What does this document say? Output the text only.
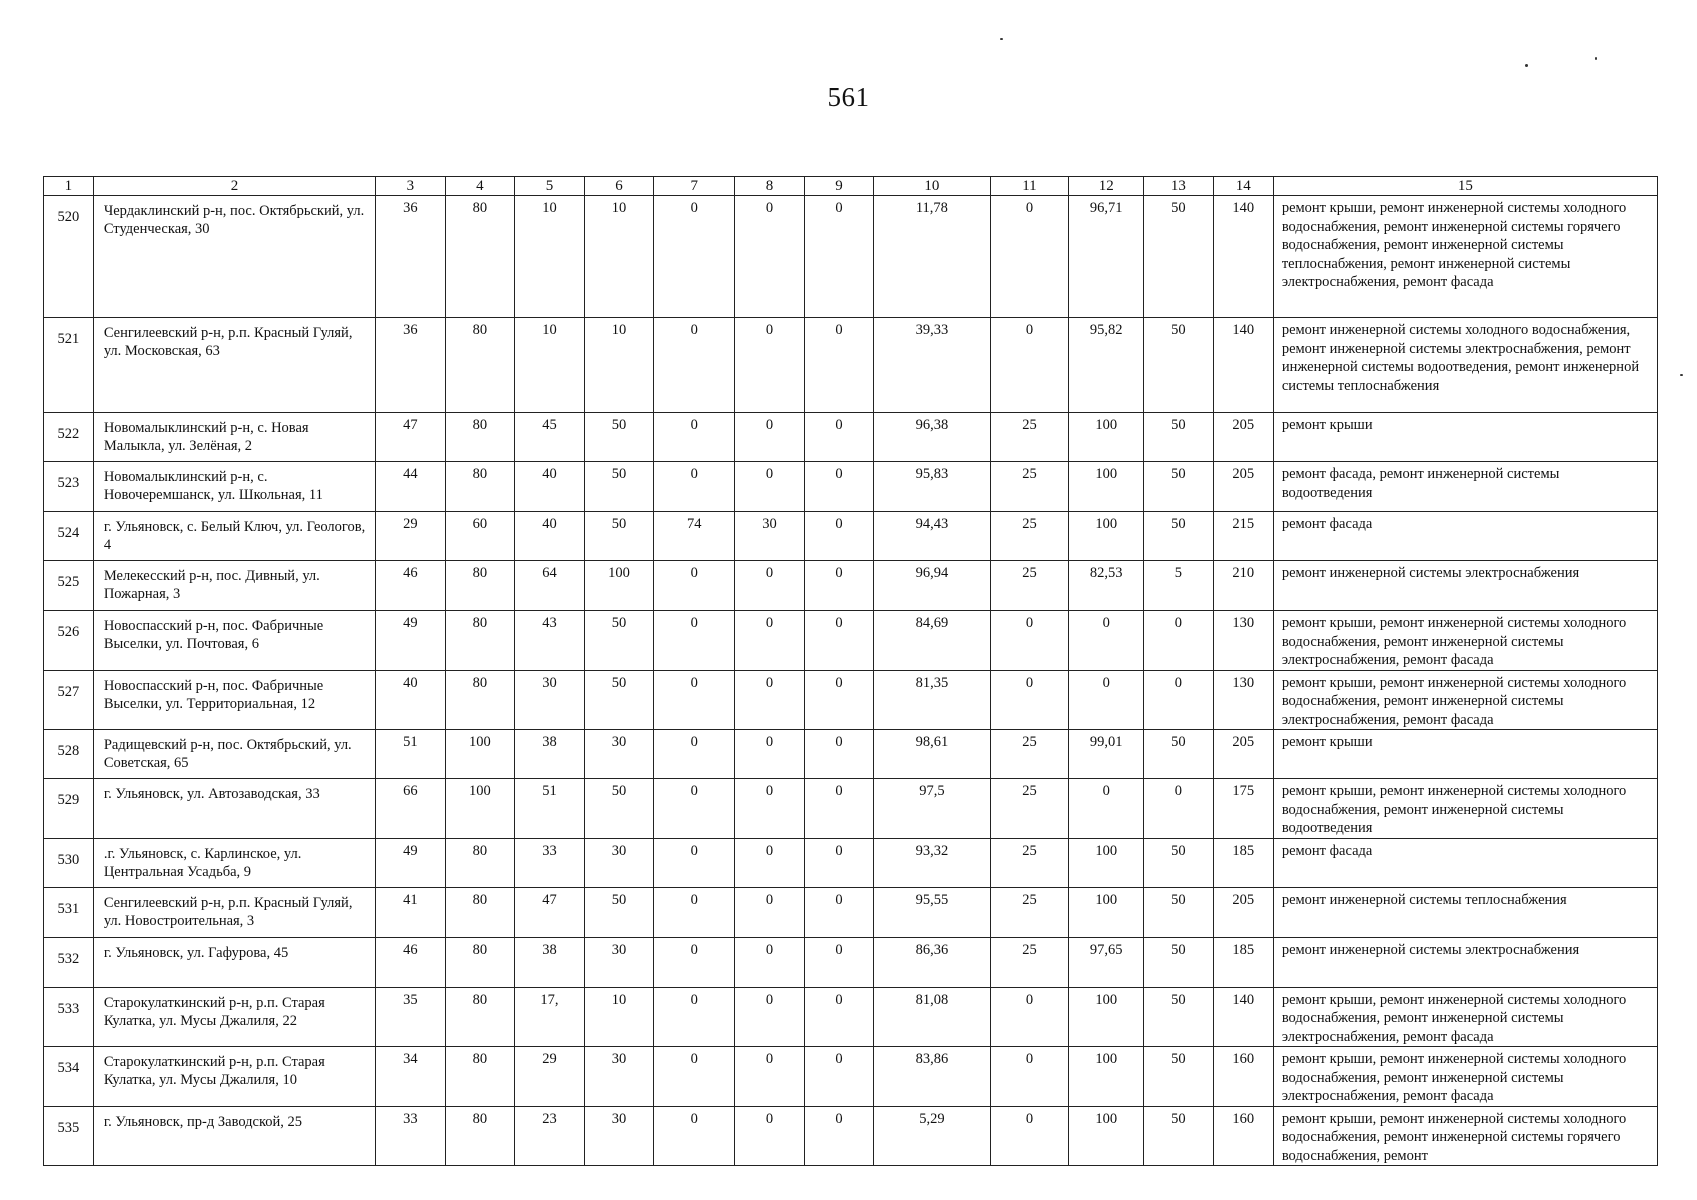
561
1	2	3	4	5	6	7	8	9	10	11	12	13	14	15
520	Чердаклинский р-н, пос. Октябрьский, ул. Студенческая, 30	36	80	10	10	0	0	0	11,78	0	96,71	50	140	ремонт крыши, ремонт инженерной системы холодного водоснабжения, ремонт инженерной системы горячего водоснабжения, ремонт инженерной системы теплоснабжения, ремонт инженерной системы электроснабжения, ремонт фасада
521	Сенгилеевский р-н, р.п. Красный Гуляй, ул. Московская, 63	36	80	10	10	0	0	0	39,33	0	95,82	50	140	ремонт инженерной системы холодного водоснабжения, ремонт инженерной системы электроснабжения, ремонт инженерной системы водоотведения, ремонт инженерной системы теплоснабжения
522	Новомалыклинский р-н, с. Новая Малыкла, ул. Зелёная, 2	47	80	45	50	0	0	0	96,38	25	100	50	205	ремонт крыши
523	Новомалыклинский р-н, с. Новочеремшанск, ул. Школьная, 11	44	80	40	50	0	0	0	95,83	25	100	50	205	ремонт фасада, ремонт инженерной системы водоотведения
524	г. Ульяновск, с. Белый Ключ, ул. Геологов, 4	29	60	40	50	74	30	0	94,43	25	100	50	215	ремонт фасада
525	Мелекесский р-н, пос. Дивный, ул. Пожарная, 3	46	80	64	100	0	0	0	96,94	25	82,53	5	210	ремонт инженерной системы электроснабжения
526	Новоспасский р-н, пос. Фабричные Выселки, ул. Почтовая, 6	49	80	43	50	0	0	0	84,69	0	0	0	130	ремонт крыши, ремонт инженерной системы холодного водоснабжения, ремонт инженерной системы электроснабжения, ремонт фасада
527	Новоспасский р-н, пос. Фабричные Выселки, ул. Территориальная, 12	40	80	30	50	0	0	0	81,35	0	0	0	130	ремонт крыши, ремонт инженерной системы холодного водоснабжения, ремонт инженерной системы электроснабжения, ремонт фасада
528	Радищевский р-н, пос. Октябрьский, ул. Советская, 65	51	100	38	30	0	0	0	98,61	25	99,01	50	205	ремонт крыши
529	г. Ульяновск, ул. Автозаводская, 33	66	100	51	50	0	0	0	97,5	25	0	0	175	ремонт крыши, ремонт инженерной системы холодного водоснабжения, ремонт инженерной системы водоотведения
530	.г. Ульяновск, с. Карлинское, ул. Центральная Усадьба, 9	49	80	33	30	0	0	0	93,32	25	100	50	185	ремонт фасада
531	Сенгилеевский р-н, р.п. Красный Гуляй, ул. Новостроительная, 3	41	80	47	50	0	0	0	95,55	25	100	50	205	ремонт инженерной системы теплоснабжения
532	г. Ульяновск, ул. Гафурова, 45	46	80	38	30	0	0	0	86,36	25	97,65	50	185	ремонт инженерной системы электроснабжения
533	Старокулаткинский р-н, р.п. Старая Кулатка, ул. Мусы Джалиля, 22	35	80	17,	10	0	0	0	81,08	0	100	50	140	ремонт крыши, ремонт инженерной системы холодного водоснабжения, ремонт инженерной системы электроснабжения, ремонт фасада
534	Старокулаткинский р-н, р.п. Старая Кулатка, ул. Мусы Джалиля, 10	34	80	29	30	0	0	0	83,86	0	100	50	160	ремонт крыши, ремонт инженерной системы холодного водоснабжения, ремонт инженерной системы электроснабжения, ремонт фасада
535	г. Ульяновск, пр-д Заводской, 25	33	80	23	30	0	0	0	5,29	0	100	50	160	ремонт крыши, ремонт инженерной системы холодного водоснабжения, ремонт инженерной системы горячего водоснабжения, ремонт
